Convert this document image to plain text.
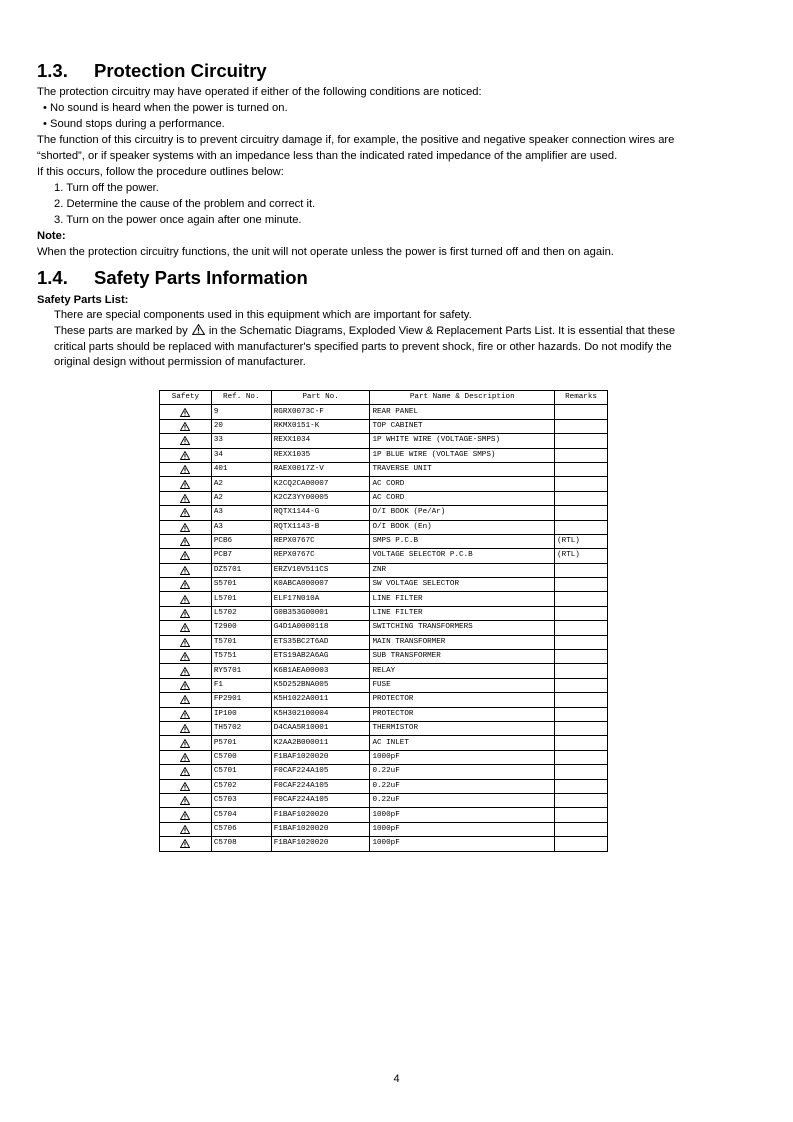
1.3. Protection Circuitry
The protection circuitry may have operated if either of the following conditions are noticed:
• No sound is heard when the power is turned on.
• Sound stops during a performance.
The function of this circuitry is to prevent circuitry damage if, for example, the positive and negative speaker connection wires are
“shorted”, or if speaker systems with an impedance less than the indicated rated impedance of the amplifier are used.
If this occurs, follow the procedure outlines below:
1. Turn off the power.
2. Determine the cause of the problem and correct it.
3. Turn on the power once again after one minute.
Note:
When the protection circuitry functions, the unit will not operate unless the power is first turned off and then on again.
1.4. Safety Parts Information
Safety Parts List:
There are special components used in this equipment which are important for safety.
These parts are marked by in the Schematic Diagrams, Exploded View & Replacement Parts List. It is essential that these
critical parts should be replaced with manufacturer's specified parts to prevent shock, fire or other hazards. Do not modify the
original design without permission of manufacturer.
Safety	Ref. No.	Part No.	Part Name & Description	Remarks

	9	RGRX0073C-F	REAR PANEL	

	20	RKMX0151-K	TOP CABINET	

	33	REXX1034	1P WHITE WIRE (VOLTAGE-SMPS)	

	34	REXX1035	1P BLUE WIRE (VOLTAGE SMPS)	

	401	RAEX0017Z-V	TRAVERSE UNIT	

	A2	K2CQ2CA00007	AC CORD	

	A2	K2CZ3YY00005	AC CORD	

	A3	RQTX1144-G	O/I BOOK (Pe/Ar)	

	A3	RQTX1143-B	O/I BOOK (En)	

	PCB6	REPX0767C	SMPS P.C.B	(RTL)

	PCB7	REPX0767C	VOLTAGE SELECTOR P.C.B	(RTL)

	DZ5701	ERZV10V511CS	ZNR	

	S5701	K0ABCA000007	SW VOLTAGE SELECTOR	

	L5701	ELF17N010A	LINE FILTER	

	L5702	G0B353G00001	LINE FILTER	

	T2900	G4D1A0000118	SWITCHING TRANSFORMERS	

	T5701	ETS35BC2T6AD	MAIN TRANSFORMER	

	T5751	ETS19AB2A6AG	SUB TRANSFORMER	

	RY5701	K6B1AEA00003	RELAY	

	F1	K5D252BNA005	FUSE	

	FP2901	K5H1022A0011	PROTECTOR	

	IP100	K5H302100004	PROTECTOR	

	TH5702	D4CAA5R10001	THERMISTOR	

	P5701	K2AA2B000011	AC INLET	

	C5700	F1BAF1020020	1000pF	

	C5701	F0CAF224A105	0.22uF	

	C5702	F0CAF224A105	0.22uF	

	C5703	F0CAF224A105	0.22uF	

	C5704	F1BAF1020020	1000pF	

	C5706	F1BAF1020020	1000pF	

	C5708	F1BAF1020020	1000pF	
4
